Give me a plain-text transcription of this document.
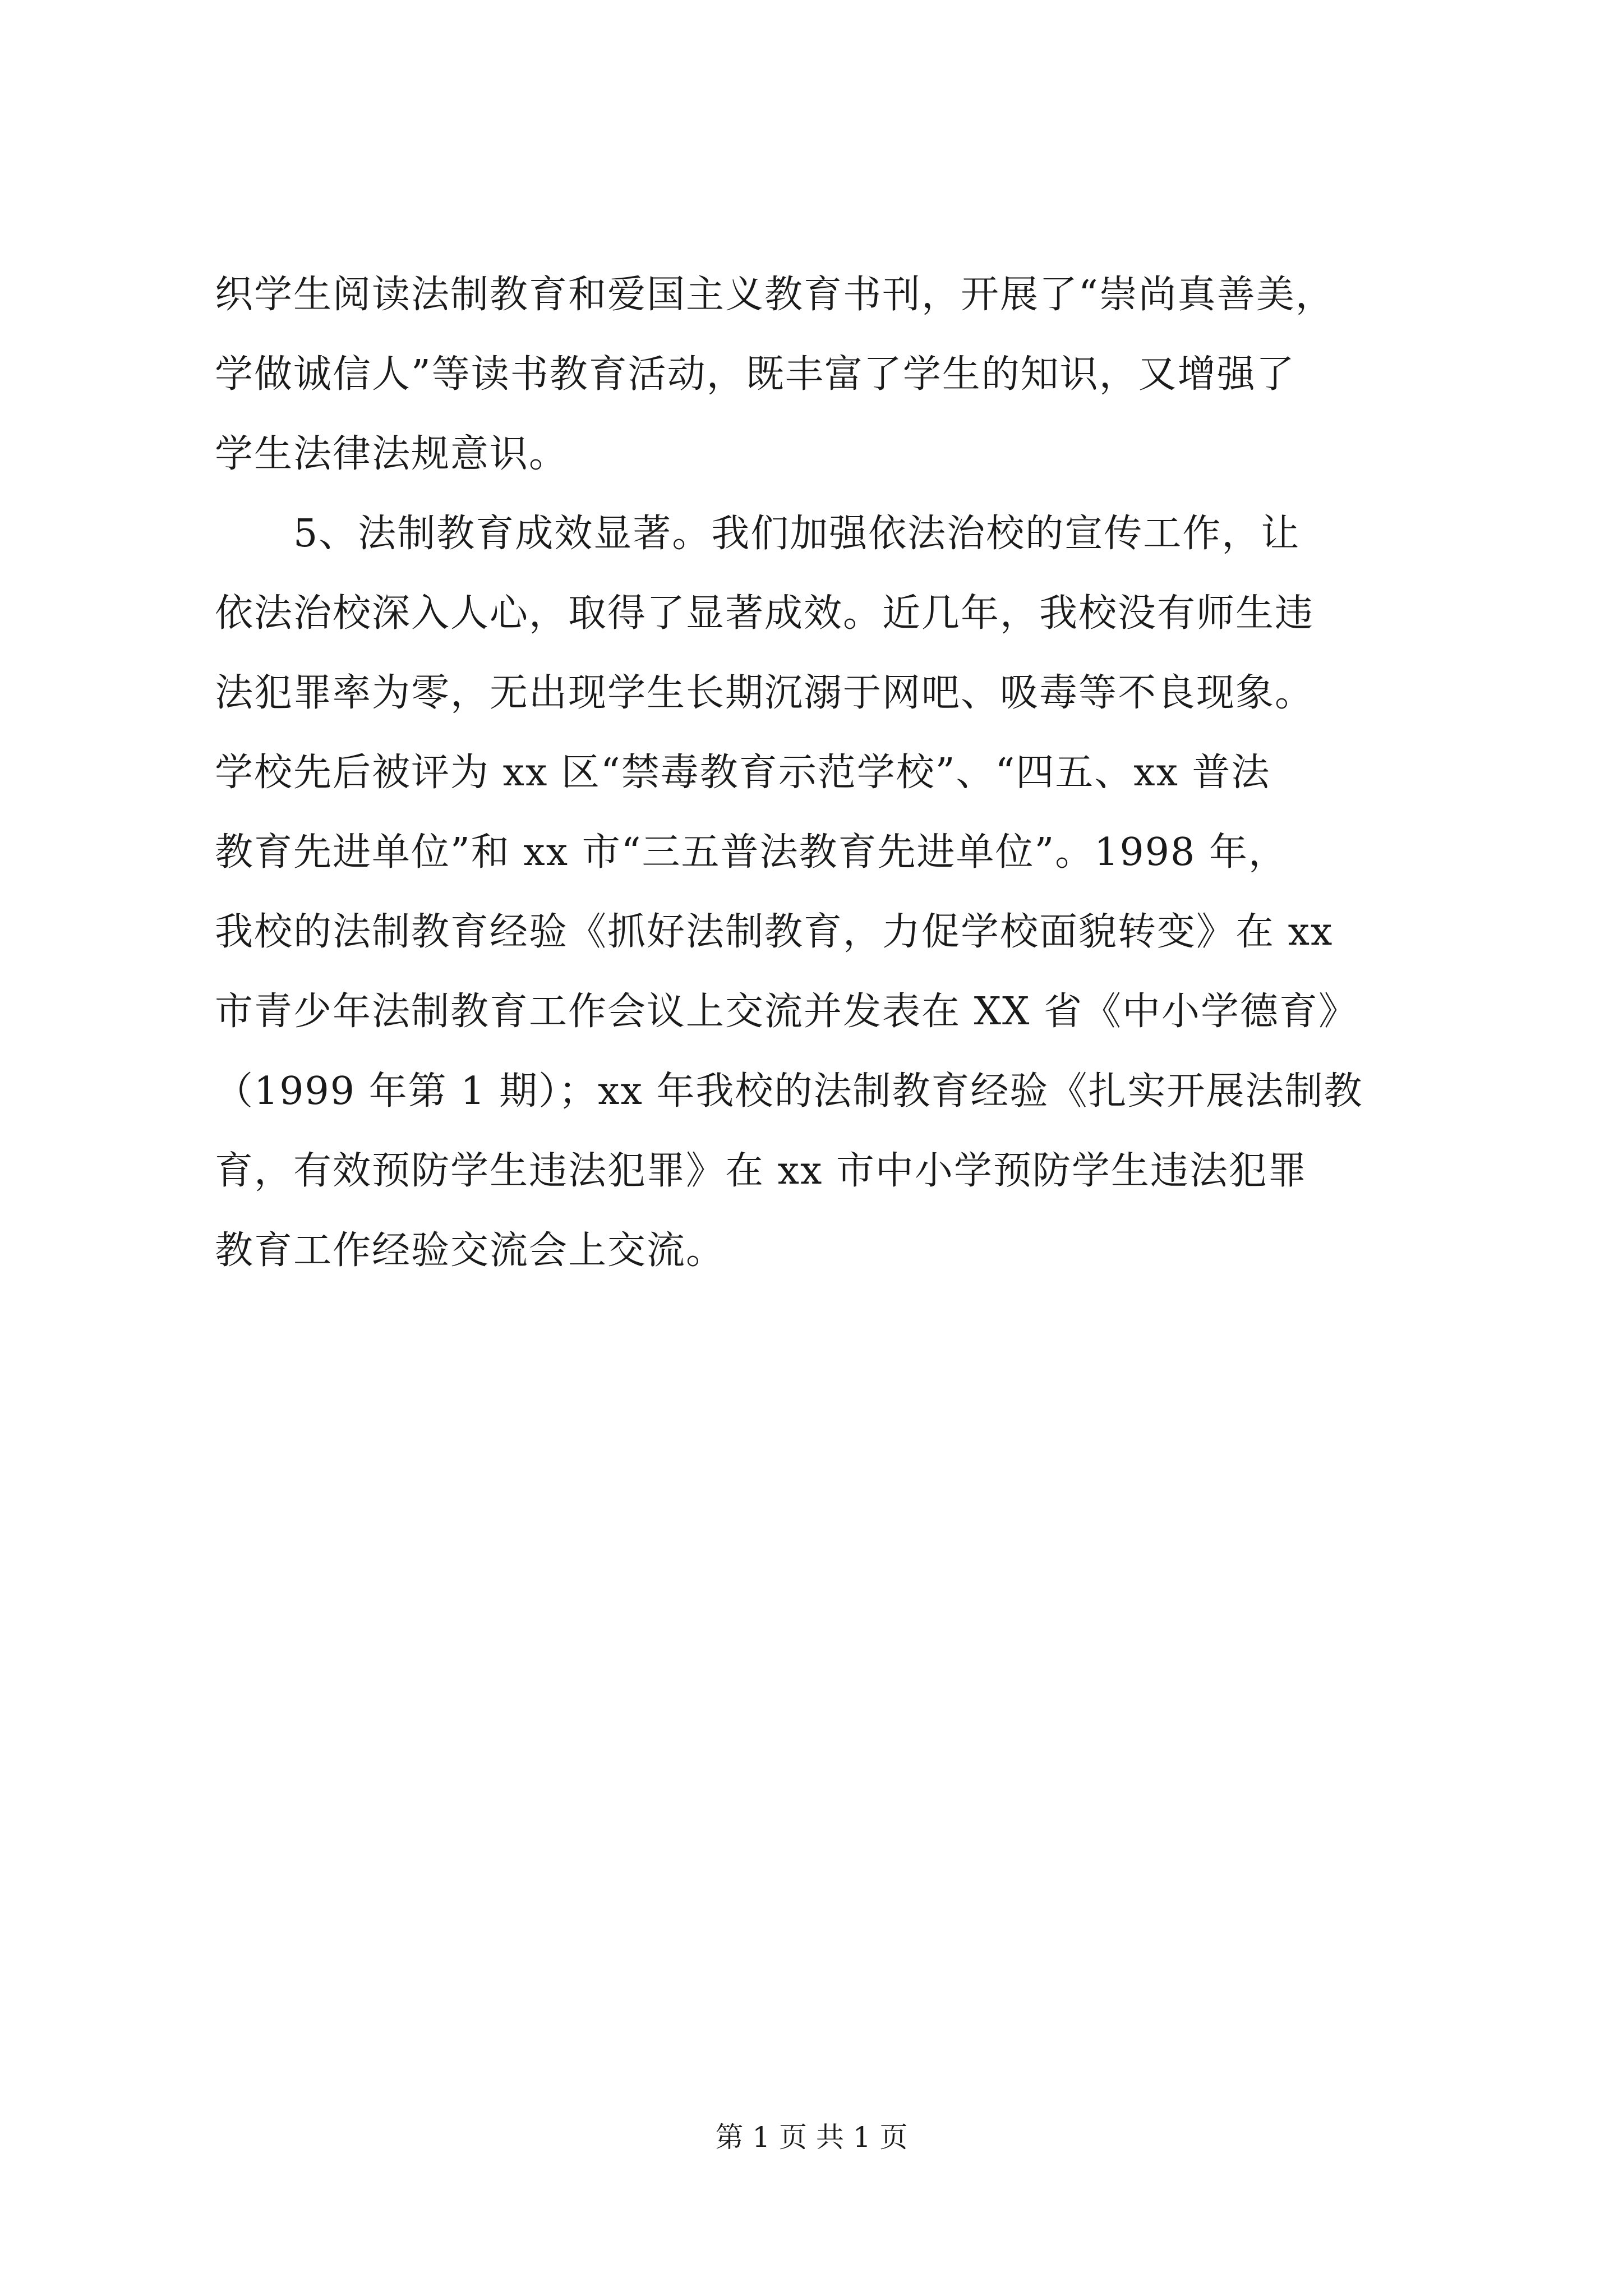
织学生阅读法制教育和爱国主义教育书刊，开展了“崇尚真善美，
学做诚信人”等读书教育活动，既丰富了学生的知识，又增强了
学生法律法规意识。
　　5、法制教育成效显著。我们加强依法治校的宣传工作，让
依法治校深入人心，取得了显著成效。近几年，我校没有师生违
法犯罪率为零，无出现学生长期沉溺于网吧、吸毒等不良现象。
学校先后被评为 xx 区“禁毒教育示范学校”、“四五、xx 普法
教育先进单位”和 xx 市“三五普法教育先进单位”。1998 年，
我校的法制教育经验《抓好法制教育，力促学校面貌转变》在 xx
市青少年法制教育工作会议上交流并发表在 XX 省《中小学德育》
（1999 年第 1 期）；xx 年我校的法制教育经验《扎实开展法制教
育，有效预防学生违法犯罪》在 xx 市中小学预防学生违法犯罪
教育工作经验交流会上交流。
第 1 页 共 1 页
